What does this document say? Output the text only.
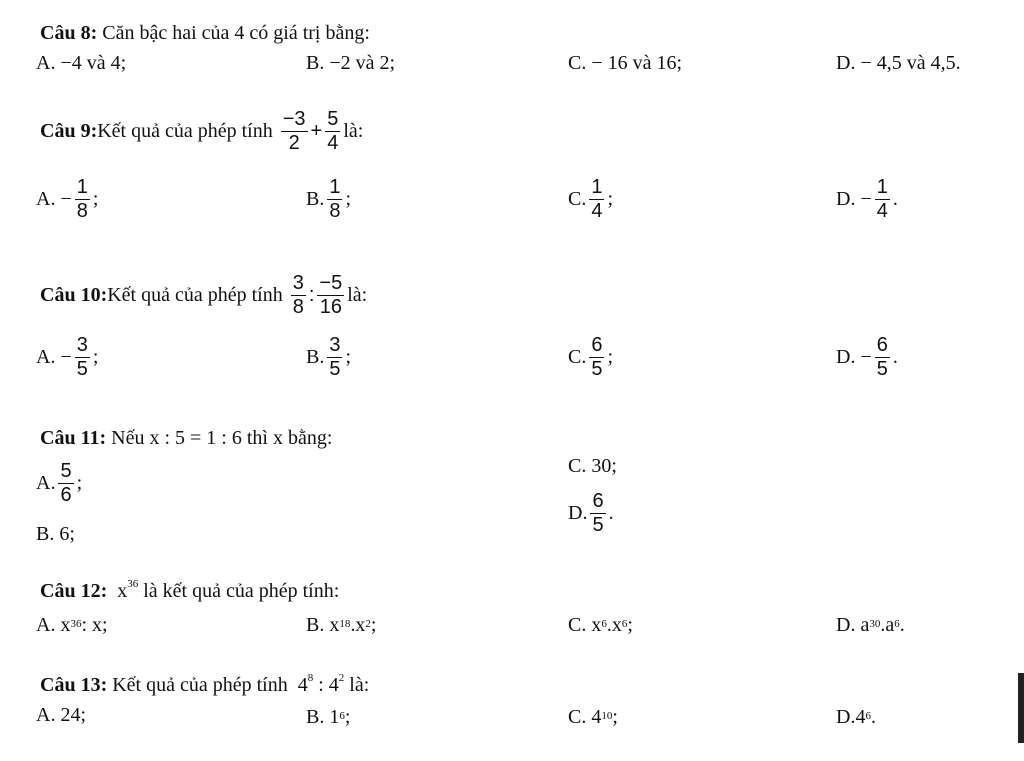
Câu 8: Căn bậc hai của 4 có giá trị bằng:
A. −4 và 4;	B. −2 và 2;	C. − 16 và 16;	D. − 4,5 và 4,5.
Câu 9: Kết quả của phép tính
$\frac{-3}{2} + \frac{5}{4}$ là:
A. − $\frac{1}{8}$ ;	B. $\frac{1}{8}$ ;	C. $\frac{1}{4}$ ;	D. − $\frac{1}{4}$ .
Câu 10: Kết quả của phép tính
$\frac{3}{8}$ : $\frac{-5}{16}$ là:
A. − $\frac{3}{5}$ ;	B. $\frac{3}{5}$ ;	C. $\frac{6}{5}$ ;	D. − $\frac{6}{5}$ .
Câu 11: Nếu x : 5 = 1 : 6 thì x bằng:
A. $\frac{5}{6}$ ;
C. 30;
B. 6;
D. $\frac{6}{5}$ .
Câu 12: $x^{36}$ là kết quả của phép tính:
A.
$x^{36}$ : x ;	B.
$x^{18}$ $.x^2$ ;	C.
$x^6$ $.x^6$ ;	D.
$a^{30}$ $.a^6$ .
Câu 13: Kết quả của phép tính $4^8$ : $4^2$ là:
A. 24;	B.
$1^6$ ;	C.
$4^{10}$ ;	D. $4^6$ .
